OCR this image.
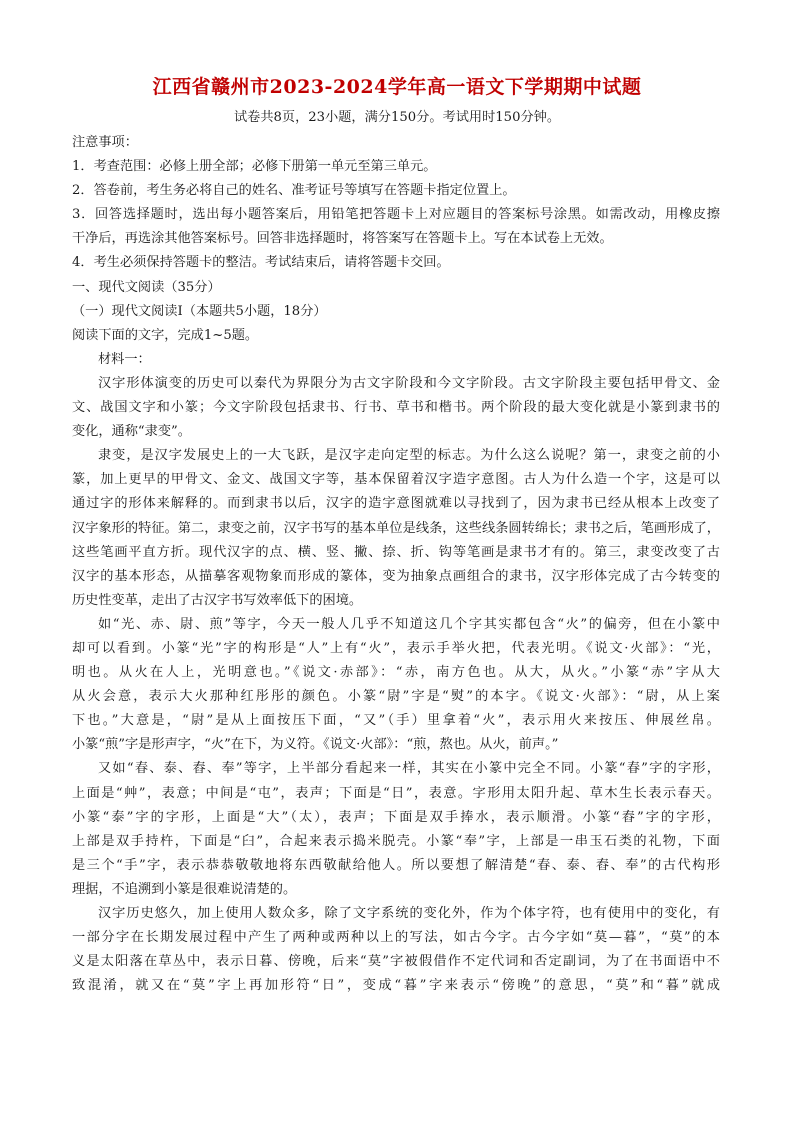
江西省赣州市2023-2024学年高一语文下学期期中试题
试卷共8页，23小题，满分150分。考试用时150分钟。
注意事项：
1．考查范围：必修上册全部；必修下册第一单元至第三单元。
2．答卷前，考生务必将自己的姓名、准考证号等填写在答题卡指定位置上。
3．回答选择题时，选出每小题答案后，用铅笔把答题卡上对应题目的答案标号涂黑。如需改动，用橡皮擦
干净后，再选涂其他答案标号。回答非选择题时，将答案写在答题卡上。写在本试卷上无效。
4．考生必须保持答题卡的整洁。考试结束后，请将答题卡交回。
一、现代文阅读（35分）
（一）现代文阅读Ⅰ（本题共5小题，18分）
阅读下面的文字，完成1~5题。
材料一：
汉字形体演变的历史可以秦代为界限分为古文字阶段和今文字阶段。古文字阶段主要包括甲骨文、金
文、战国文字和小篆；今文字阶段包括隶书、行书、草书和楷书。两个阶段的最大变化就是小篆到隶书的
变化，通称“隶变”。
隶变，是汉字发展史上的一大飞跃，是汉字走向定型的标志。为什么这么说呢？第一，隶变之前的小
篆，加上更早的甲骨文、金文、战国文字等，基本保留着汉字造字意图。古人为什么造一个字，这是可以
通过字的形体来解释的。而到隶书以后，汉字的造字意图就难以寻找到了，因为隶书已经从根本上改变了
汉字象形的特征。第二，隶变之前，汉字书写的基本单位是线条，这些线条圆转绵长；隶书之后，笔画形成了，
这些笔画平直方折。现代汉字的点、横、竖、撇、捺、折、钩等笔画是隶书才有的。第三，隶变改变了古
汉字的基本形态，从描摹客观物象而形成的篆体，变为抽象点画组合的隶书，汉字形体完成了古今转变的
历史性变革，走出了古汉字书写效率低下的困境。
如“光、赤、尉、煎”等字，今天一般人几乎不知道这几个字其实都包含“火”的偏旁，但在小篆中
却可以看到。小篆“光”字的构形是“人”上有“火”，表示手举火把，代表光明。《说文·火部》：“光，
明也。从火在人上，光明意也。”《说文·赤部》：“赤，南方色也。从大，从火。”小篆“赤”字从大
从火会意，表示大火那种红彤彤的颜色。小篆“尉”字是“熨”的本字。《说文·火部》：“尉，从上案
下也。”大意是，“尉”是从上面按压下面，“又”（手）里拿着“火”，表示用火来按压、伸展丝帛。
小篆“煎”字是形声字，“火”在下，为义符。《说文·火部》：“煎，熬也。从火，前声。”
又如“春、泰、舂、奉”等字，上半部分看起来一样，其实在小篆中完全不同。小篆“春”字的字形，
上面是“艸”，表意；中间是“屯”，表声；下面是“日”，表意。字形用太阳升起、草木生长表示春天。
小篆“泰”字的字形，上面是“大”（太），表声；下面是双手捧水，表示顺滑。小篆“舂”字的字形，
上部是双手持杵，下面是“臼”，合起来表示捣米脱壳。小篆“奉”字，上部是一串玉石类的礼物，下面
是三个“手”字，表示恭恭敬敬地将东西敬献给他人。所以要想了解清楚“春、泰、舂、奉”的古代构形
理据，不追溯到小篆是很难说清楚的。
汉字历史悠久，加上使用人数众多，除了文字系统的变化外，作为个体字符，也有使用中的变化，有
一部分字在长期发展过程中产生了两种或两种以上的写法，如古今字。古今字如“莫—暮”，“莫”的本
义是太阳落在草丛中，表示日暮、傍晚，后来“莫”字被假借作不定代词和否定副词，为了在书面语中不
致混淆，就又在“莫”字上再加形符“日”，变成“暮”字来表示“傍晚”的意思，“莫”和“暮”就成
